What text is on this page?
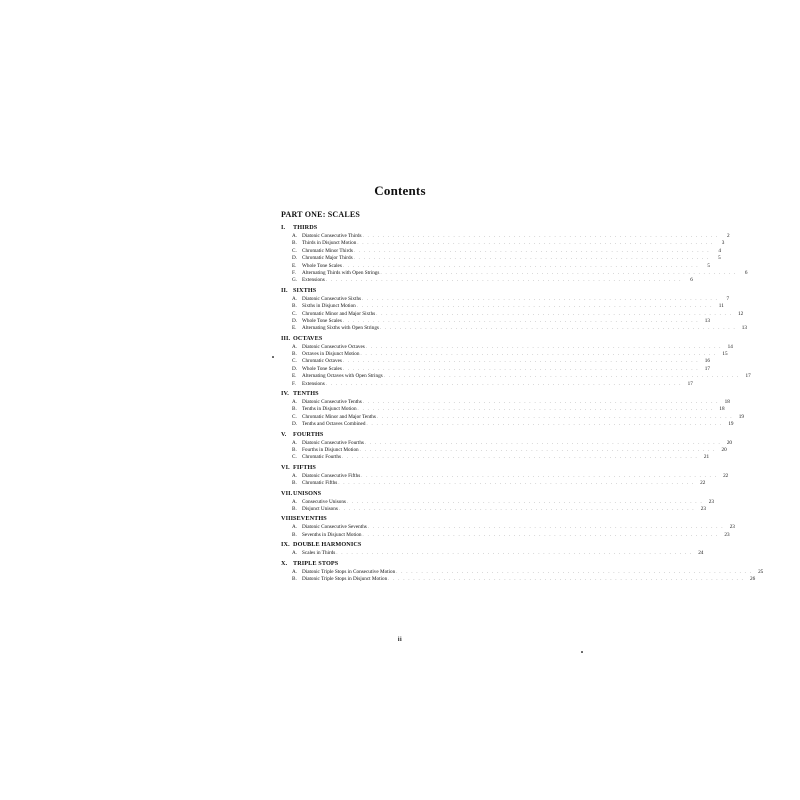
Contents
PART ONE: SCALES
I.	THIRDS
A. Diatonic Consecutive Thirds . . . . . . . . . . . . . . . . . . . . . . . . . . . . . . . . . . . . . . . . . . . . . . . . . . . . . . . . . . . . . . . . . . . . . . .	2
B.	Thirds in Disjunct Motion . . . . . . . . . . . . . . . . . . . . . . . . . . . . . . . . . . . . . . . . . . . . . . . . . . . . . . . . . . . . . . . . . . . . . . .	3
C.	Chromatic Minor Thirds . . . . . . . . . . . . . . . . . . . . . . . . . . . . . . . . . . . . . . . . . . . . . . . . . . . . . . . . . . . . . . . . . . . . . . .	4
D. Chromatic Major Thirds . . . . . . . . . . . . . . . . . . . . . . . . . . . . . . . . . . . . . . . . . . . . . . . . . . . . . . . . . . . . . . . . . . . . . . .	5
E.	Whole Tone Scales . . . . . . . . . . . . . . . . . . . . . . . . . . . . . . . . . . . . . . . . . . . . . . . . . . . . . . . . . . . . . . . . . . . . . . .	5
F.	Alternating Thirds with Open Strings . . . . . . . . . . . . . . . . . . . . . . . . . . . . . . . . . . . . . . . . . . . . . . . . . . . . . . . . . . . . . . . . . . . . . . .	6
G. Extensions . . . . . . . . . . . . . . . . . . . . . . . . . . . . . . . . . . . . . . . . . . . . . . . . . . . . . . . . . . . . . . . . . . . . . . .	6
II. SIXTHS
A. Diatonic Consecutive Sixths . . . . . . . . . . . . . . . . . . . . . . . . . . . . . . . . . . . . . . . . . . . . . . . . . . . . . . . . . . . . . . . . . . . . . . .	7
B.	Sixths in Disjunct Motion . . . . . . . . . . . . . . . . . . . . . . . . . . . . . . . . . . . . . . . . . . . . . . . . . . . . . . . . . . . . . . . . . . . . . . .	11
C.	Chromatic Minor and Major Sixths . . . . . . . . . . . . . . . . . . . . . . . . . . . . . . . . . . . . . . . . . . . . . . . . . . . . . . . . . . . . . . . . . . . . . . .	12
D. Whole Tone Scales . . . . . . . . . . . . . . . . . . . . . . . . . . . . . . . . . . . . . . . . . . . . . . . . . . . . . . . . . . . . . . . . . . . . . . .	13
E.	Alternating Sixths with Open Strings . . . . . . . . . . . . . . . . . . . . . . . . . . . . . . . . . . . . . . . . . . . . . . . . . . . . . . . . . . . . . . . . . . . . . . .	13
III. OCTAVES
A. Diatonic Consecutive Octaves . . . . . . . . . . . . . . . . . . . . . . . . . . . . . . . . . . . . . . . . . . . . . . . . . . . . . . . . . . . . . . . . . . . . . . .	14
B.	Octaves in Disjunct Motion . . . . . . . . . . . . . . . . . . . . . . . . . . . . . . . . . . . . . . . . . . . . . . . . . . . . . . . . . . . . . . . . . . . . . . .	15
C.	Chromatic Octaves . . . . . . . . . . . . . . . . . . . . . . . . . . . . . . . . . . . . . . . . . . . . . . . . . . . . . . . . . . . . . . . . . . . . . . .	16
D. Whole Tone Scales . . . . . . . . . . . . . . . . . . . . . . . . . . . . . . . . . . . . . . . . . . . . . . . . . . . . . . . . . . . . . . . . . . . . . . .	17
E.	Alternating Octaves with Open Strings . . . . . . . . . . . . . . . . . . . . . . . . . . . . . . . . . . . . . . . . . . . . . . . . . . . . . . . . . . . . . . . . . . . . . . .	17
F.	Extensions . . . . . . . . . . . . . . . . . . . . . . . . . . . . . . . . . . . . . . . . . . . . . . . . . . . . . . . . . . . . . . . . . . . . . . .	17
IV. TENTHS
A. Diatonic Consecutive Tenths . . . . . . . . . . . . . . . . . . . . . . . . . . . . . . . . . . . . . . . . . . . . . . . . . . . . . . . . . . . . . . . . . . . . . . .	18
B.	Tenths in Disjunct Motion . . . . . . . . . . . . . . . . . . . . . . . . . . . . . . . . . . . . . . . . . . . . . . . . . . . . . . . . . . . . . . . . . . . . . . .	18
C.	Chromatic Minor and Major Tenths . . . . . . . . . . . . . . . . . . . . . . . . . . . . . . . . . . . . . . . . . . . . . . . . . . . . . . . . . . . . . . . . . . . . . . .	19
D. Tenths and Octaves Combined . . . . . . . . . . . . . . . . . . . . . . . . . . . . . . . . . . . . . . . . . . . . . . . . . . . . . . . . . . . . . . . . . . . . . . .	19
V.	FOURTHS
A. Diatonic Consecutive Fourths . . . . . . . . . . . . . . . . . . . . . . . . . . . . . . . . . . . . . . . . . . . . . . . . . . . . . . . . . . . . . . . . . . . . . . .	20
B.	Fourths in Disjunct Motion . . . . . . . . . . . . . . . . . . . . . . . . . . . . . . . . . . . . . . . . . . . . . . . . . . . . . . . . . . . . . . . . . . . . . . .	20
C.	Chromatic Fourths . . . . . . . . . . . . . . . . . . . . . . . . . . . . . . . . . . . . . . . . . . . . . . . . . . . . . . . . . . . . . . . . . . . . . . .	21
VI. FIFTHS
A. Diatonic Consecutive Fifths . . . . . . . . . . . . . . . . . . . . . . . . . . . . . . . . . . . . . . . . . . . . . . . . . . . . . . . . . . . . . . . . . . . . . . .	22
B.	Chromatic Fifths . . . . . . . . . . . . . . . . . . . . . . . . . . . . . . . . . . . . . . . . . . . . . . . . . . . . . . . . . . . . . . . . . . . . . . .	22
VII. UNISONS
A. Consecutive Unisons . . . . . . . . . . . . . . . . . . . . . . . . . . . . . . . . . . . . . . . . . . . . . . . . . . . . . . . . . . . . . . . . . . . . . . .	23
B.	Disjunct Unisons . . . . . . . . . . . . . . . . . . . . . . . . . . . . . . . . . . . . . . . . . . . . . . . . . . . . . . . . . . . . . . . . . . . . . . .	23
VIII.
SEVENTHS
A. Diatonic Consecutive Sevenths . . . . . . . . . . . . . . . . . . . . . . . . . . . . . . . . . . . . . . . . . . . . . . . . . . . . . . . . . . . . . . . . . . . . . . .	23
B.	Sevenths in Disjunct Motion . . . . . . . . . . . . . . . . . . . . . . . . . . . . . . . . . . . . . . . . . . . . . . . . . . . . . . . . . . . . . . . . . . . . . . .	23
IX. DOUBLE HARMONICS
A. Scales in Thirds . . . . . . . . . . . . . . . . . . . . . . . . . . . . . . . . . . . . . . . . . . . . . . . . . . . . . . . . . . . . . . . . . . . . . . .	24
X. TRIPLE STOPS
A. Diatonic Triple Stops in Consecutive Motion . . . . . . . . . . . . . . . . . . . . . . . . . . . . . . . . . . . . . . . . . . . . . . . . . . . . . . . . . . . . . . . . . . . . . . .	25
B.	Diatonic Triple Stops in Disjunct Motion . . . . . . . . . . . . . . . . . . . . . . . . . . . . . . . . . . . . . . . . . . . . . . . . . . . . . . . . . . . . . . . . . . . . . . .	26
ii
